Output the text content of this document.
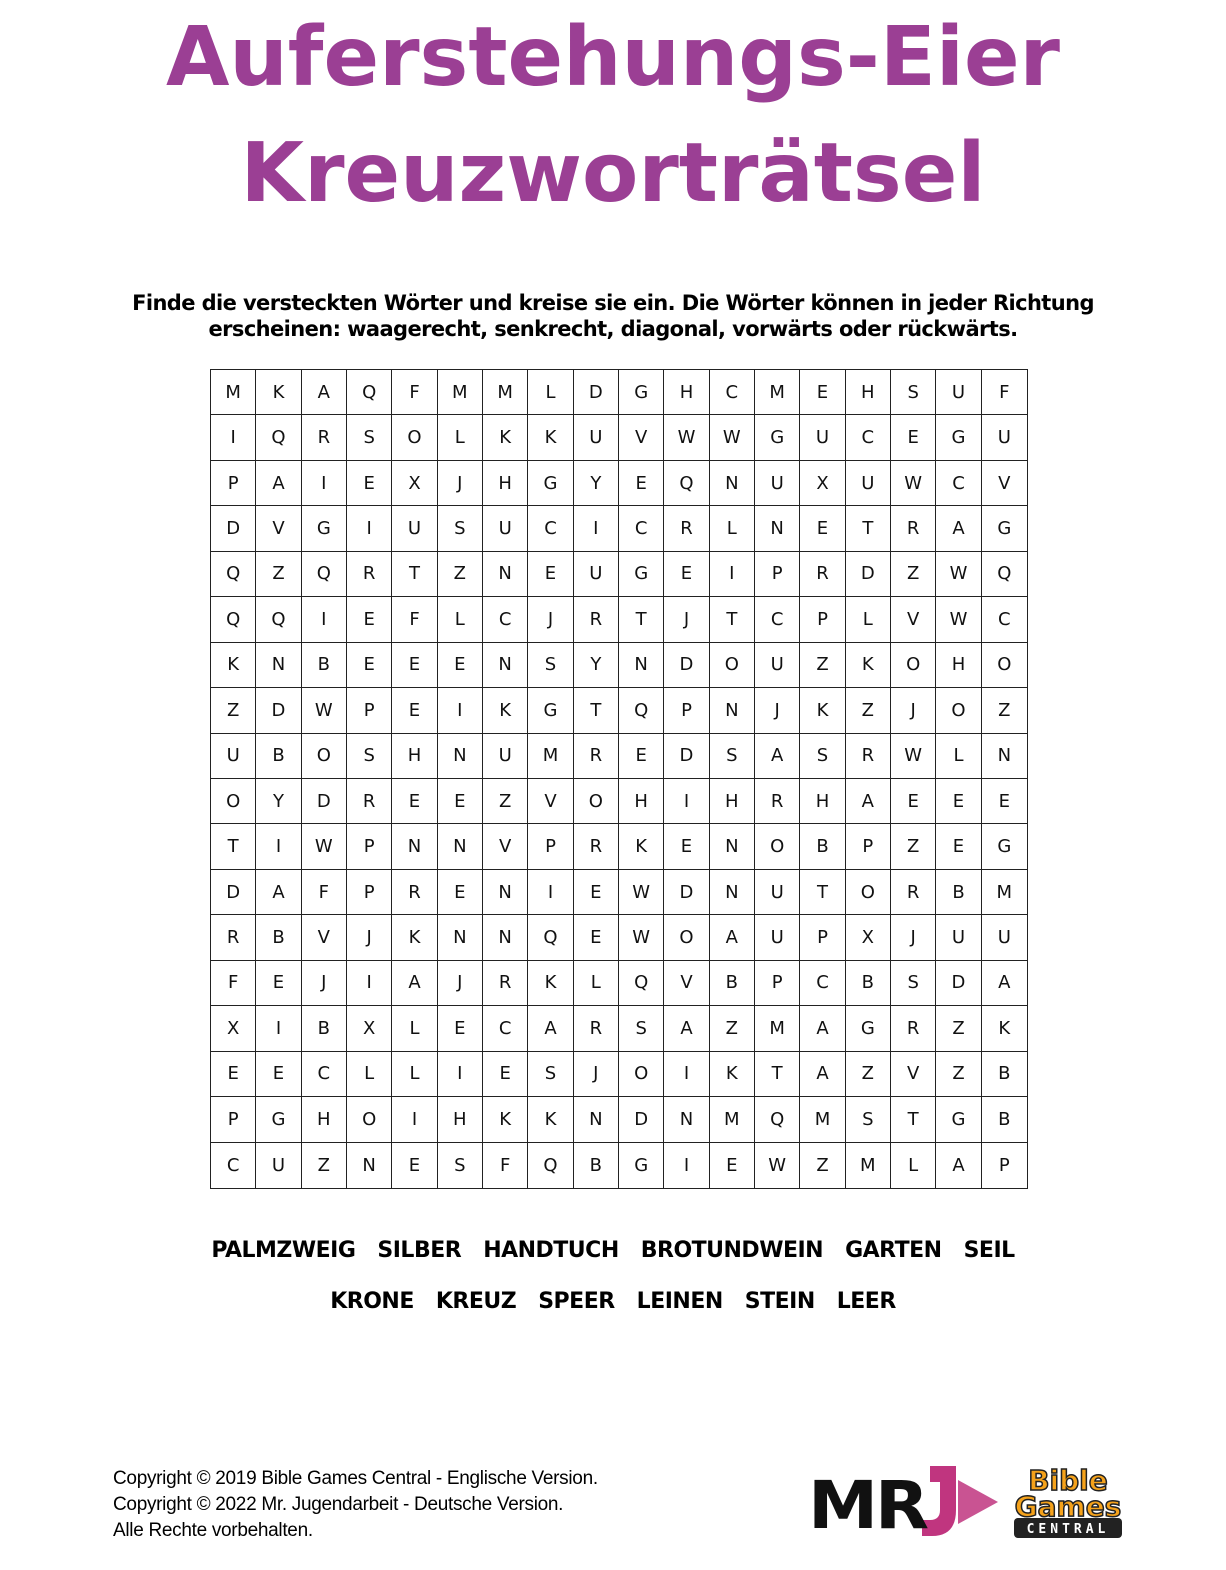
Auferstehungs-Eier
Kreuzworträtsel
Finde die versteckten Wörter und kreise sie ein. Die Wörter können in jeder Richtung
erscheinen: waagerecht, senkrecht, diagonal, vorwärts oder rückwärts.
M	K	A	Q	F	M	M	L	D	G	H	C	M	E	H	S	U	F
I	Q	R	S	O	L	K	K	U	V	W	W	G	U	C	E	G	U
P	A	I	E	X	J	H	G	Y	E	Q	N	U	X	U	W	C	V
D	V	G	I	U	S	U	C	I	C	R	L	N	E	T	R	A	G
Q	Z	Q	R	T	Z	N	E	U	G	E	I	P	R	D	Z	W	Q
Q	Q	I	E	F	L	C	J	R	T	J	T	C	P	L	V	W	C
K	N	B	E	E	E	N	S	Y	N	D	O	U	Z	K	O	H	O
Z	D	W	P	E	I	K	G	T	Q	P	N	J	K	Z	J	O	Z
U	B	O	S	H	N	U	M	R	E	D	S	A	S	R	W	L	N
O	Y	D	R	E	E	Z	V	O	H	I	H	R	H	A	E	E	E
T	I	W	P	N	N	V	P	R	K	E	N	O	B	P	Z	E	G
D	A	F	P	R	E	N	I	E	W	D	N	U	T	O	R	B	M
R	B	V	J	K	N	N	Q	E	W	O	A	U	P	X	J	U	U
F	E	J	I	A	J	R	K	L	Q	V	B	P	C	B	S	D	A
X	I	B	X	L	E	C	A	R	S	A	Z	M	A	G	R	Z	K
E	E	C	L	L	I	E	S	J	O	I	K	T	A	Z	V	Z	B
P	G	H	O	I	H	K	K	N	D	N	M	Q	M	S	T	G	B
C	U	Z	N	E	S	F	Q	B	G	I	E	W	Z	M	L	A	P
PALMZWEIG SILBER HANDTUCH BROTUNDWEIN GARTEN SEIL
KRONE KREUZ SPEER LEINEN STEIN LEER
Copyright © 2019 Bible Games Central - Englische Version.
Copyright © 2022 Mr. Jugendarbeit - Deutsche Version.
Alle Rechte vorbehalten.	MR	Bible
Games
CENTRAL
